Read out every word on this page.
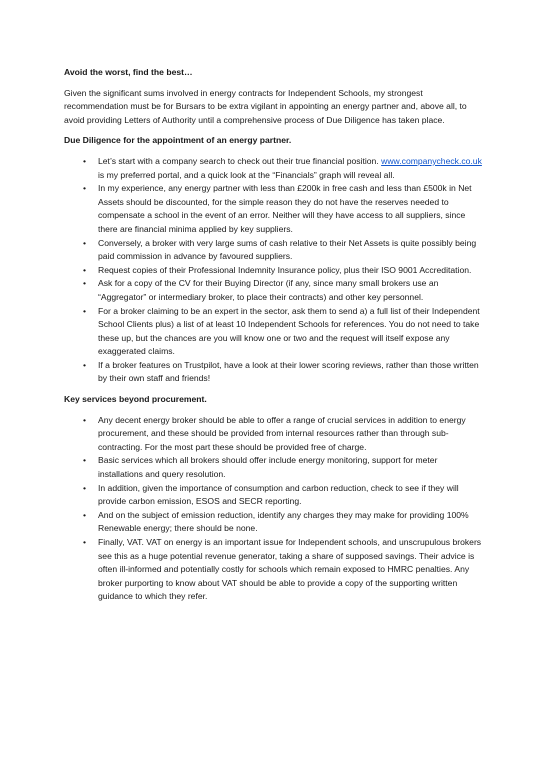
Avoid the worst, find the best…

Given the significant sums involved in energy contracts for Independent Schools, my strongest recommendation must be for Bursars to be extra vigilant in appointing an energy partner and, above all, to avoid providing Letters of Authority until a comprehensive process of Due Diligence has taken place.

Due Diligence for the appointment of an energy partner.

• Let’s start with a company search to check out their true financial position. www.companycheck.co.uk is my preferred portal, and a quick look at the “Financials” graph will reveal all.
• In my experience, any energy partner with less than £200k in free cash and less than £500k in Net Assets should be discounted, for the simple reason they do not have the reserves needed to compensate a school in the event of an error. Neither will they have access to all suppliers, since there are financial minima applied by key suppliers.
• Conversely, a broker with very large sums of cash relative to their Net Assets is quite possibly being paid commission in advance by favoured suppliers.
• Request copies of their Professional Indemnity Insurance policy, plus their ISO 9001 Accreditation.
• Ask for a copy of the CV for their Buying Director (if any, since many small brokers use an “Aggregator” or intermediary broker, to place their contracts) and other key personnel.
• For a broker claiming to be an expert in the sector, ask them to send a) a full list of their Independent School Clients plus) a list of at least 10 Independent Schools for references. You do not need to take these up, but the chances are you will know one or two and the request will itself expose any exaggerated claims.
• If a broker features on Trustpilot, have a look at their lower scoring reviews, rather than those written by their own staff and friends!

Key services beyond procurement.

• Any decent energy broker should be able to offer a range of crucial services in addition to energy procurement, and these should be provided from internal resources rather than through sub-contracting. For the most part these should be provided free of charge.
• Basic services which all brokers should offer include energy monitoring, support for meter installations and query resolution.
• In addition, given the importance of consumption and carbon reduction, check to see if they will provide carbon emission, ESOS and SECR reporting.
• And on the subject of emission reduction, identify any charges they may make for providing 100% Renewable energy; there should be none.
• Finally, VAT. VAT on energy is an important issue for Independent schools, and unscrupulous brokers see this as a huge potential revenue generator, taking a share of supposed savings. Their advice is often ill-informed and potentially costly for schools which remain exposed to HMRC penalties. Any broker purporting to know about VAT should be able to provide a copy of the supporting written guidance to which they refer.
